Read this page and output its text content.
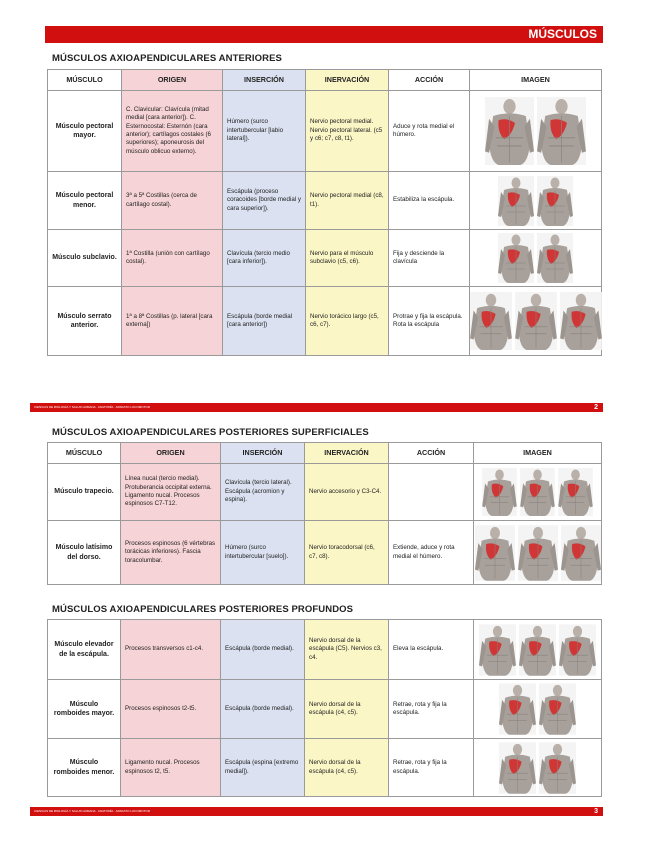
MÚSCULOS
MÚSCULOS AXIOAPENDICULARES ANTERIORES
MÚSCULO	ORIGEN	INSERCIÓN	INERVACIÓN	ACCIÓN	IMAGEN
Músculo pectoral mayor.	C. Clavicular: Clavícula (mitad medial [cara anterior]). C. Esternocostal: Esternón (cara anterior); cartílagos costales (6 superiores); aponeurosis del músculo oblicuo externo).	Húmero (surco intertubercular [labio lateral]).	Nervio pectoral medial. Nervio pectoral lateral. (c5 y c6; c7, c8, t1).	Aduce y rota medial el húmero.	

Músculo pectoral menor.	3ª a 5ª Costillas (cerca de cartílago costal).	Escápula (proceso coracoides [borde medial y cara superior]).	Nervio pectoral medial (c8, t1).	Estabiliza la escápula.	

Músculo subclavio.	1ª Costilla (unión con cartílago costal).	Clavícula (tercio medio [cara inferior]).	Nervio para el músculo subclavio (c5, c6).	Fija y desciende la clavícula	

Músculo serrato anterior.	1ª a 8ª Costillas (p. lateral [cara externa])	Escápula (borde medial [cara anterior])	Nervio torácico largo (c5, c6, c7).	Protrae y fija la escápula. Rota la escápula	
CIENCIAS DE BIOLOGÍA Y SALUD HUMANA · ANATOMÍA · APARATO LOCOMOTOR	2
MÚSCULOS AXIOAPENDICULARES POSTERIORES SUPERFICIALES
MÚSCULO	ORIGEN	INSERCIÓN	INERVACIÓN	ACCIÓN	IMAGEN
Músculo trapecio.	Línea nucal (tercio medial). Protuberancia occipital externa. Ligamento nucal. Procesos espinosos C7-T12.	Clavícula (tercio lateral). Escápula (acromion y espina).	Nervio accesorio y C3-C4.		

Músculo latísimo del dorso.	Procesos espinosos (6 vértebras torácicas inferiores). Fascia toracolumbar.	Húmero (surco intertubercular [suelo]).	Nervio toracodorsal (c6, c7, c8).	Extiende, aduce y rota medial el húmero.	
MÚSCULOS AXIOAPENDICULARES POSTERIORES PROFUNDOS
Músculo elevador de la escápula.	Procesos transversos c1-c4.	Escápula (borde medial).	Nervio dorsal de la escápula (C5). Nervios c3, c4.	Eleva la escápula.	

Músculo romboides mayor.	Procesos espinosos t2-t5.	Escápula (borde medial).	Nervio dorsal de la escápula (c4, c5).	Retrae, rota y fija la escápula.	

Músculo romboides menor.	Ligamento nucal. Procesos espinosos t2, t5.	Escápula (espina [extremo medial]).	Nervio dorsal de la escápula (c4, c5).	Retrae, rota y fija la escápula.	
CIENCIAS DE BIOLOGÍA Y SALUD HUMANA · ANATOMÍA · APARATO LOCOMOTOR	3
